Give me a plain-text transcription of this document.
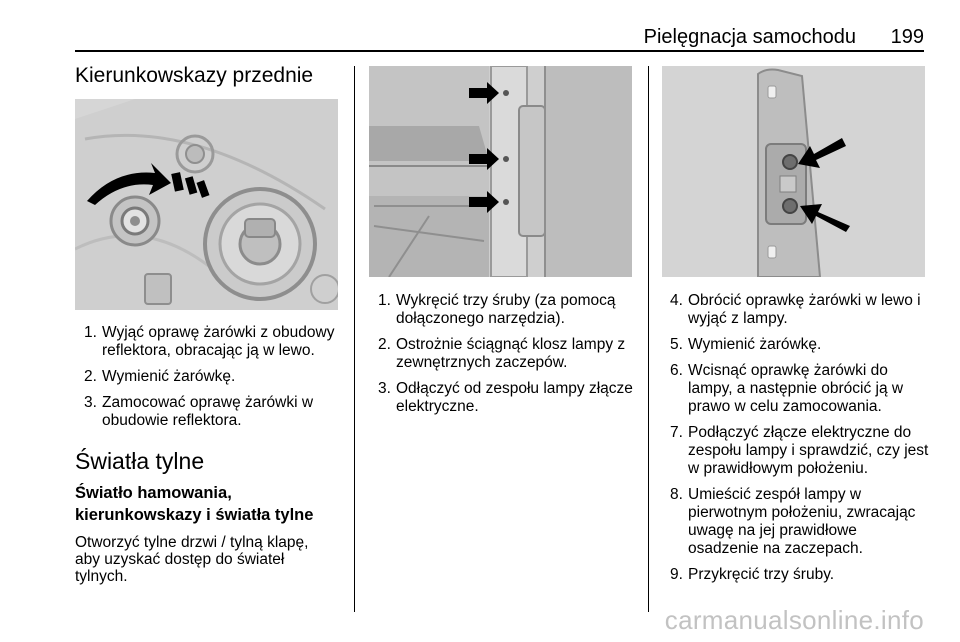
Pielęgnacja samochodu 199
Kierunkowskazy przednie
1. Wyjąć oprawę żarówki z obudowy reflektora, obracając ją w lewo.
2. Wymienić żarówkę.
3. Zamocować oprawę żarówki w obudowie reflektora.
Światła tylne
Światło hamowania, kierunkowskazy i światła tylne
Otworzyć tylne drzwi / tylną klapę, aby uzyskać dostęp do świateł tylnych.
1. Wykręcić trzy śruby (za pomocą dołączonego narzędzia).
2. Ostrożnie ściągnąć klosz lampy z zewnętrznych zaczepów.
3. Odłączyć od zespołu lampy złącze elektryczne.
4. Obrócić oprawkę żarówki w lewo i wyjąć z lampy.
5. Wymienić żarówkę.
6. Wcisnąć oprawkę żarówki do lampy, a następnie obrócić ją w prawo w celu zamocowania.
7. Podłączyć złącze elektryczne do zespołu lampy i sprawdzić, czy jest w prawidłowym położeniu.
8. Umieścić zespół lampy w pierwotnym położeniu, zwracając uwagę na jej prawidłowe osadzenie na zaczepach.
9. Przykręcić trzy śruby.
carmanualsonline.info
